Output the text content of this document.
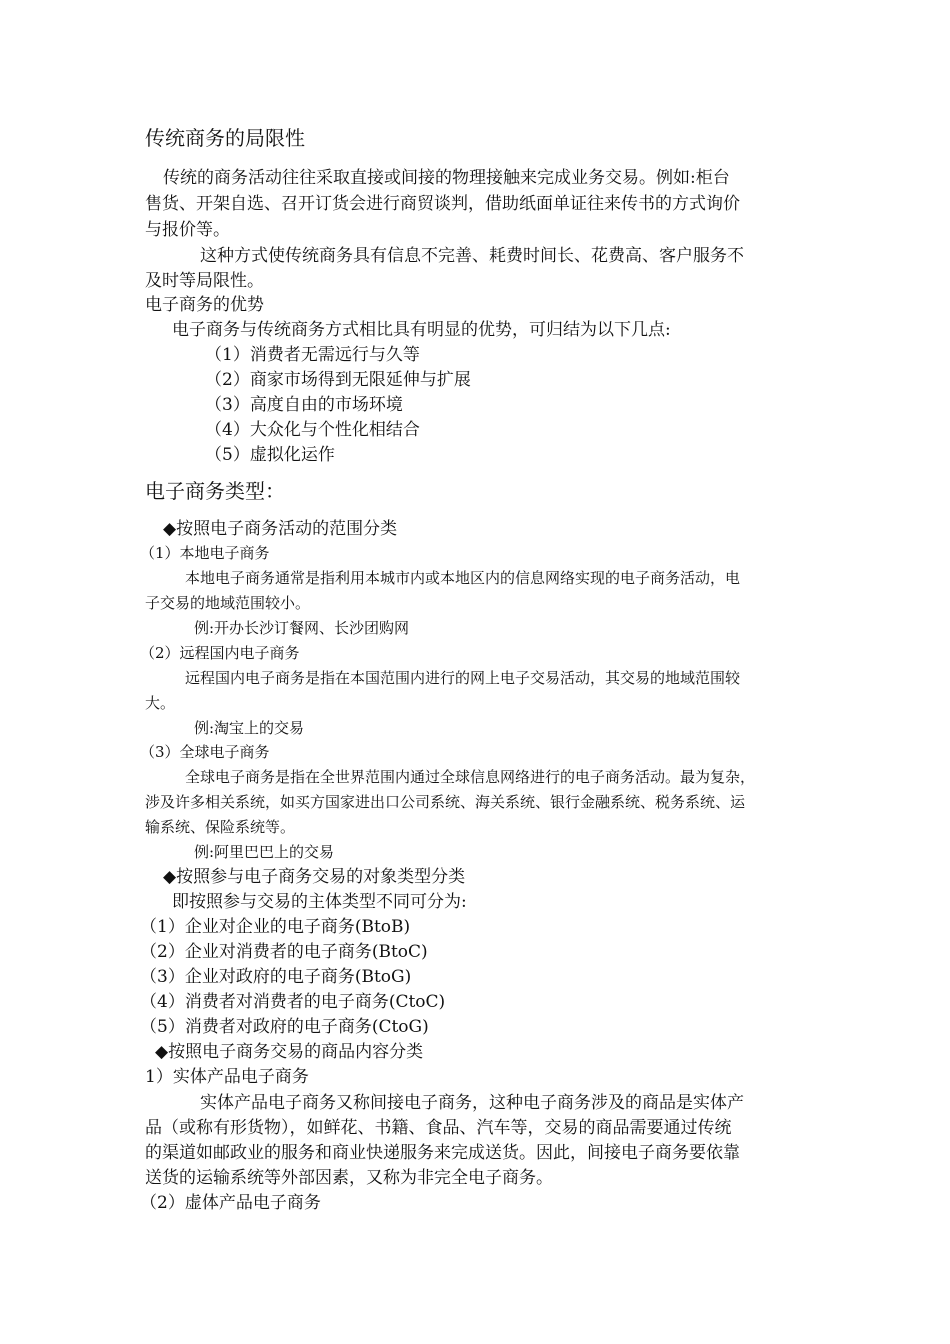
传统商务的局限性

传统的商务活动往往采取直接或间接的物理接触来完成业务交易。例如:柜台

售货、开架自选、召开订货会进行商贸谈判，借助纸面单证往来传书的方式询价

与报价等。

这种方式使传统商务具有信息不完善、耗费时间长、花费高、客户服务不

及时等局限性。

电子商务的优势

电子商务与传统商务方式相比具有明显的优势，可归结为以下几点:

（1）消费者无需远行与久等

（2）商家市场得到无限延伸与扩展

（3）高度自由的市场环境

（4）大众化与个性化相结合

（5）虚拟化运作

电子商务类型：

◆按照电子商务活动的范围分类

（1）本地电子商务

本地电子商务通常是指利用本城市内或本地区内的信息网络实现的电子商务活动，电

子交易的地域范围较小。

例:开办长沙订餐网、长沙团购网

（2）远程国内电子商务

远程国内电子商务是指在本国范围内进行的网上电子交易活动，其交易的地域范围较

大。

例:淘宝上的交易

（3）全球电子商务

全球电子商务是指在全世界范围内通过全球信息网络进行的电子商务活动。最为复杂，

涉及许多相关系统，如买方国家进出口公司系统、海关系统、银行金融系统、税务系统、运

输系统、保险系统等。

例:阿里巴巴上的交易

◆按照参与电子商务交易的对象类型分类

即按照参与交易的主体类型不同可分为:

（1）企业对企业的电子商务(BtoB)

（2）企业对消费者的电子商务(BtoC)

（3）企业对政府的电子商务(BtoG)

（4）消费者对消费者的电子商务(CtoC)

（5）消费者对政府的电子商务(CtoG)

◆按照电子商务交易的商品内容分类

1）实体产品电子商务

实体产品电子商务又称间接电子商务，这种电子商务涉及的商品是实体产

品（或称有形货物），如鲜花、书籍、食品、汽车等，交易的商品需要通过传统

的渠道如邮政业的服务和商业快递服务来完成送货。因此，间接电子商务要依靠

送货的运输系统等外部因素，又称为非完全电子商务。

（2）虚体产品电子商务
